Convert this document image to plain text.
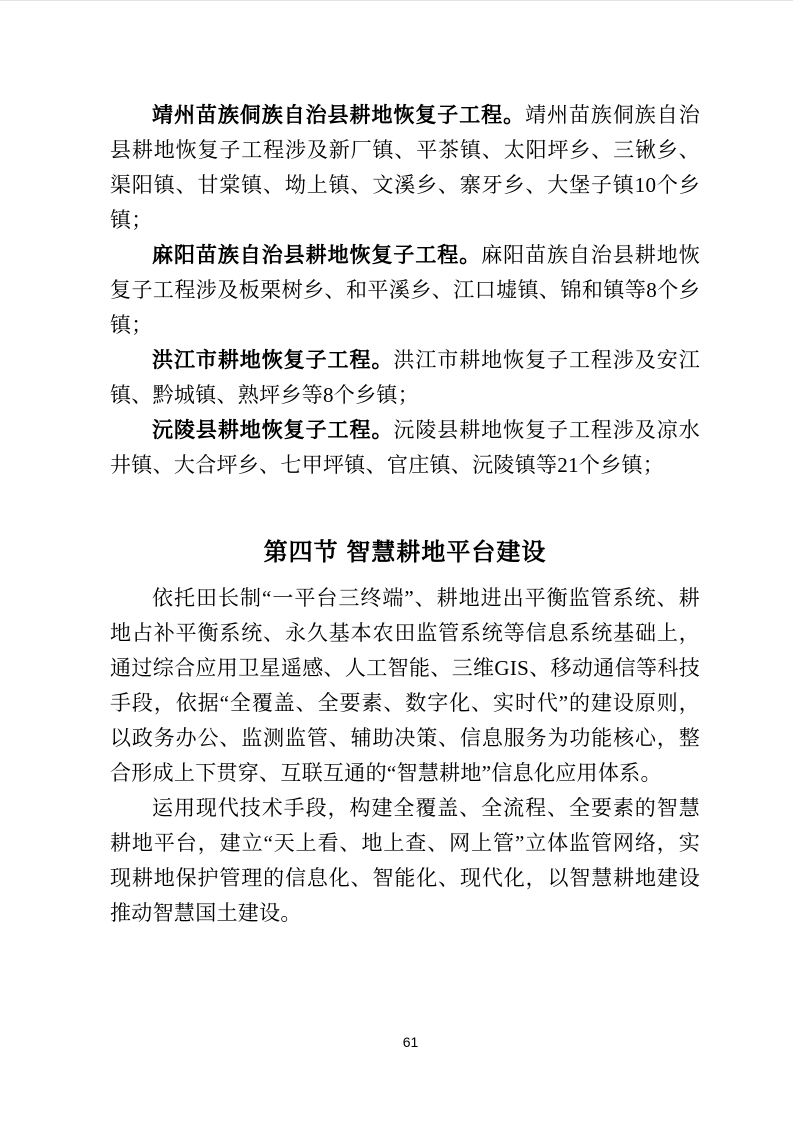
靖州苗族侗族自治县耕地恢复子工程。靖州苗族侗族自治县耕地恢复子工程涉及新厂镇、平茶镇、太阳坪乡、三锹乡、渠阳镇、甘棠镇、坳上镇、文溪乡、寨牙乡、大堡子镇10个乡镇；

麻阳苗族自治县耕地恢复子工程。麻阳苗族自治县耕地恢复子工程涉及板栗树乡、和平溪乡、江口墟镇、锦和镇等8个乡镇；

洪江市耕地恢复子工程。洪江市耕地恢复子工程涉及安江镇、黔城镇、熟坪乡等8个乡镇；

沅陵县耕地恢复子工程。沅陵县耕地恢复子工程涉及凉水井镇、大合坪乡、七甲坪镇、官庄镇、沅陵镇等21个乡镇；

第四节 智慧耕地平台建设

依托田长制“一平台三终端”、耕地进出平衡监管系统、耕地占补平衡系统、永久基本农田监管系统等信息系统基础上，通过综合应用卫星遥感、人工智能、三维GIS、移动通信等科技手段，依据“全覆盖、全要素、数字化、实时代”的建设原则，以政务办公、监测监管、辅助决策、信息服务为功能核心，整合形成上下贯穿、互联互通的“智慧耕地”信息化应用体系。

运用现代技术手段，构建全覆盖、全流程、全要素的智慧耕地平台，建立“天上看、地上查、网上管”立体监管网络，实现耕地保护管理的信息化、智能化、现代化，以智慧耕地建设推动智慧国土建设。

61
